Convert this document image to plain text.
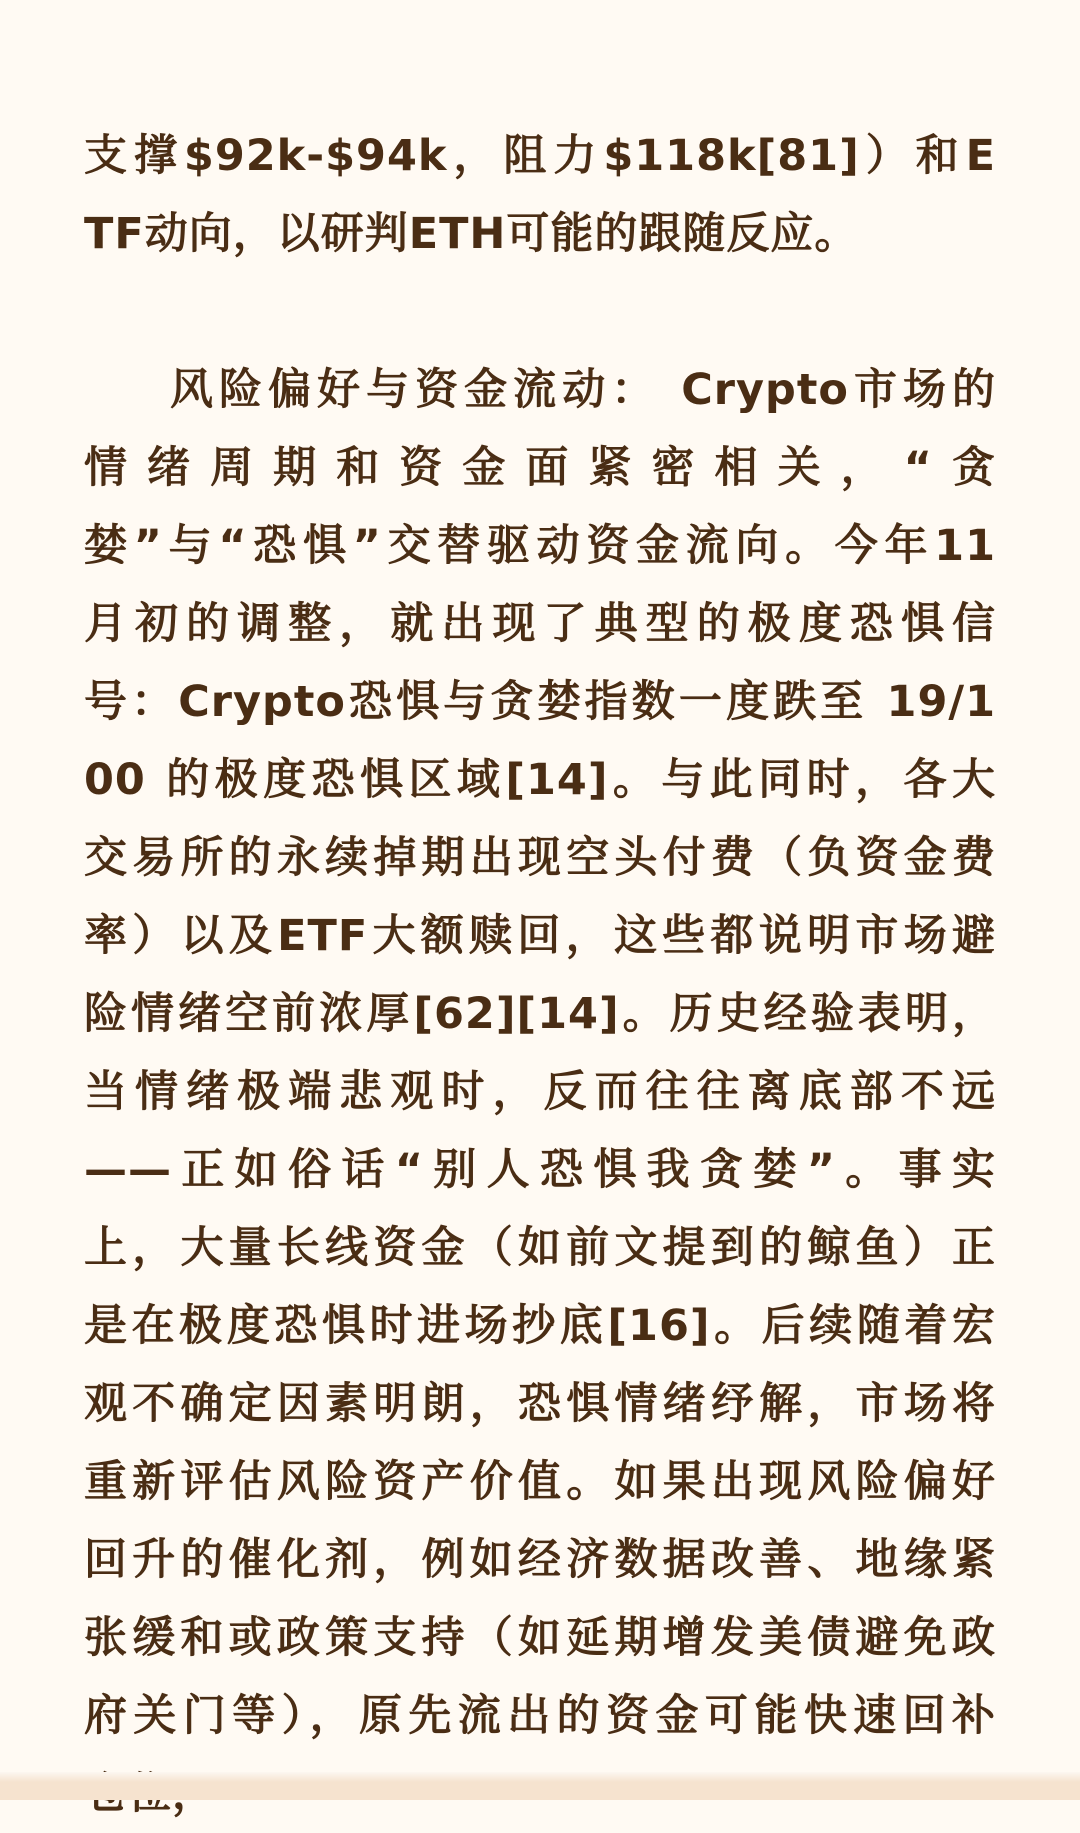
支撑$92k-$94k，阻力$118k[81]）和E

TF动向，以研判ETH可能的跟随反应。

风险偏好与资金流动： Crypto市场的

情绪周期和资金面紧密相关，“贪

婪”与“恐惧”交替驱动资金流向。今年11

月初的调整，就出现了典型的极度恐惧信

号：Crypto恐惧与贪婪指数一度跌至 19/1

00 的极度恐惧区域[14]。与此同时，各大

交易所的永续掉期出现空头付费（负资金费

率）以及ETF大额赎回，这些都说明市场避

险情绪空前浓厚[62][14]。历史经验表明，

当情绪极端悲观时，反而往往离底部不远

——正如俗话“别人恐惧我贪婪”。事实

上，大量长线资金（如前文提到的鲸鱼）正

是在极度恐惧时进场抄底[16]。后续随着宏

观不确定因素明朗，恐惧情绪纾解，市场将

重新评估风险资产价值。如果出现风险偏好

回升的催化剂，例如经济数据改善、地缘紧

张缓和或政策支持（如延期增发美债避免政

府关门等），原先流出的资金可能快速回补
